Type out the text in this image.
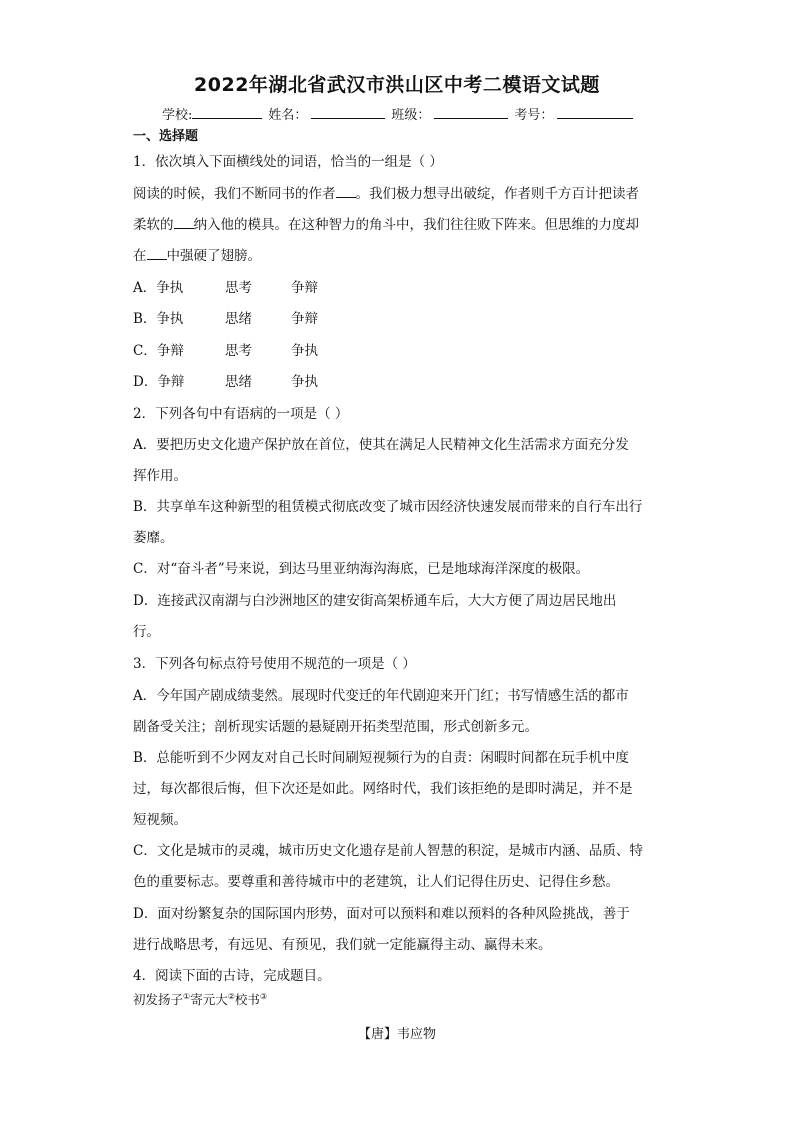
2022年湖北省武汉市洪山区中考二模语文试题
学校:	姓名：	班级：	考号：
一、选择题
1．依次填入下面横线处的词语，恰当的一组是（ ）
阅读的时候，我们不断同书的作者 。我们极力想寻出破绽，作者则千方百计把读者
柔软的 纳入他的模具。在这种智力的角斗中，我们往往败下阵来。但思维的力度却
在 中强硬了翅膀。
A．争执	思考	争辩
B．争执	思绪	争辩
C．争辩	思考	争执
D．争辩	思绪	争执
2．下列各句中有语病的一项是（ ）
A．要把历史文化遗产保护放在首位，使其在满足人民精神文化生活需求方面充分发
挥作用。
B．共享单车这种新型的租赁模式彻底改变了城市因经济快速发展而带来的自行车出行
萎靡。
C．对“奋斗者”号来说，到达马里亚纳海沟海底，已是地球海洋深度的极限。
D．连接武汉南湖与白沙洲地区的建安街高架桥通车后，大大方便了周边居民地出
行。
3．下列各句标点符号使用不规范的一项是（ ）
A．今年国产剧成绩斐然。展现时代变迁的年代剧迎来开门红；书写情感生活的都市
剧备受关注；剖析现实话题的悬疑剧开拓类型范围，形式创新多元。
B．总能听到不少网友对自己长时间刷短视频行为的自责：闲暇时间都在玩手机中度
过，每次都很后悔，但下次还是如此。网络时代，我们该拒绝的是即时满足，并不是
短视频。
C．文化是城市的灵魂，城市历史文化遗存是前人智慧的积淀，是城市内涵、品质、特
色的重要标志。要尊重和善待城市中的老建筑，让人们记得住历史、记得住乡愁。
D．面对纷繁复杂的国际国内形势，面对可以预料和难以预料的各种风险挑战，善于
进行战略思考，有远见、有预见，我们就一定能赢得主动、赢得未来。
4．阅读下面的古诗，完成题目。
初发扬子①寄元大②校书③
【唐】韦应物
